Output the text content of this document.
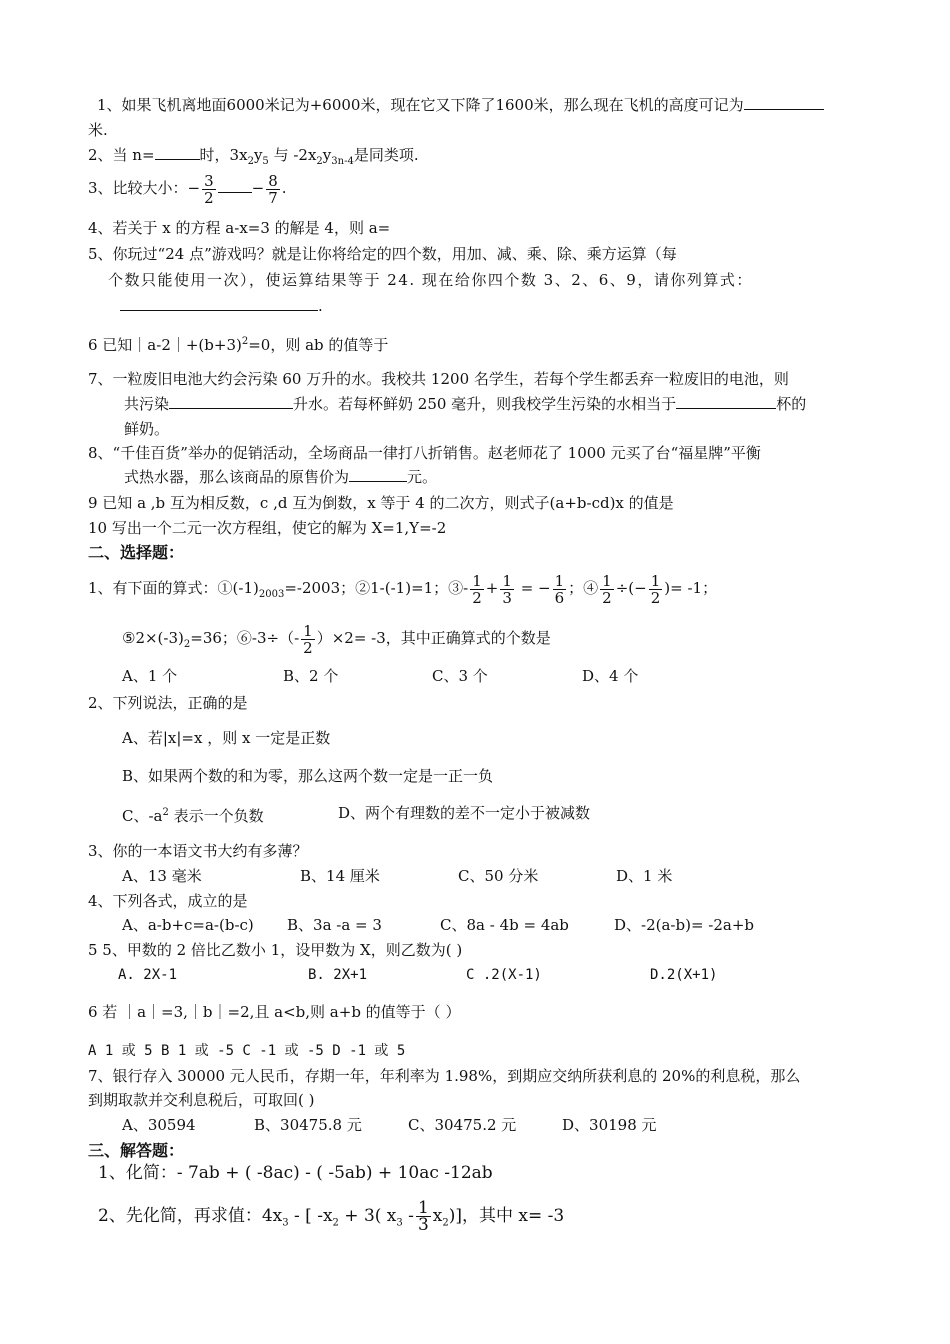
1、如果飞机离地面6000米记为+6000米，现在它又下降了1600米，那么现在飞机的高度可记为
米.
2、当 n=	时，$3x_2y_5$ 与 $-2x_2y_{3n-4}$是同类项.
3、比较大小：− $\frac{3}{2} - \frac{8}{7}$ .
4、若关于 x 的方程 a-x=3 的解是 4，则 a=
5、你玩过“24 点”游戏吗？就是让你将给定的四个数，用加、减、乘、除、乘方运算（每
个数只能使用一次），使运算结果等于 24. 现在给你四个数 3、2、6、9，请你列算式：
.
6 已知$|a-2|+(b+3)^2=0$，则 ab 的值等于
7、一粒废旧电池大约会污染 60 万升的水。我校共 1200 名学生，若每个学生都丢弃一粒废旧的电池，则
共污染	升水。若每杯鲜奶 250 毫升，则我校学生污染的水相当于	杯的
鲜奶。
8、“千佳百货”举办的促销活动，全场商品一律打八折销售。赵老师花了 1000 元买了台“福星牌”平衡
式热水器，那么该商品的原售价为	元。
9 已知 a ,b 互为相反数，c ,d 互为倒数，x 等于 4 的二次方，则式子(a+b-cd)x 的值是
10 写出一个二元一次方程组，使它的解为 X=1,Y=-2
二、选择题：
1、有下面的算式：$①(-1)_{2003}=-2003$；②1-(-1)=1；③- $\frac{1}{2} + \frac{1}{3}$ = − $\frac{1}{6}$ ；④ $\frac{1}{2}$ ÷(− $\frac{1}{2}$ )= -1；
$⑤2\times(-3)_2=36$；⑥-3÷（- $\frac{1}{2} )\times 2= -3$，其中正确算式的个数是
A、1 个	B、2 个	C、3 个	D、4 个
2、下列说法，正确的是
A、若|x|=x ，则 x 一定是正数
B、如果两个数的和为零，那么这两个数一定是一正一负
C、$-a^2$ 表示一个负数	D、两个有理数的差不一定小于被减数
3、你的一本语文书大约有多薄？
A、13 毫米	B、14 厘米	C、50 分米	D、1 米
4、下列各式，成立的是
A、a-b+c=a-(b-c) B、3a -a = 3	C、8a - 4b = 4ab	D、-2(a-b)= -2a+b
5 5、甲数的 2 倍比乙数小 1，设甲数为 X，则乙数为( )
A. 2X-1	B. 2X+1	C .2(X-1)	D.2(X+1)
6 若 ｜a｜=3,｜b｜=2,且 a<b,则 a+b 的值等于（ ）
A 1 或 5 B 1 或 -5 C -1 或 -5 D -1 或 5
7、银行存入 30000 元人民币，存期一年，年利率为 1.98%，到期应交纳所获利息的 20%的利息税，那么
到期取款并交利息税后，可取回( )
A、30594	B、30475.8 元	C、30475.2 元	D、30198 元
三、解答题：
1、化简：- 7ab + ( -8ac) - ( -5ab) + 10ac -12ab
2、先化简，再求值：$4x_3$ - [ $-x_2 + 3$( $x_3 - \frac{1}{3} x_2$)]，其中 x= -3
